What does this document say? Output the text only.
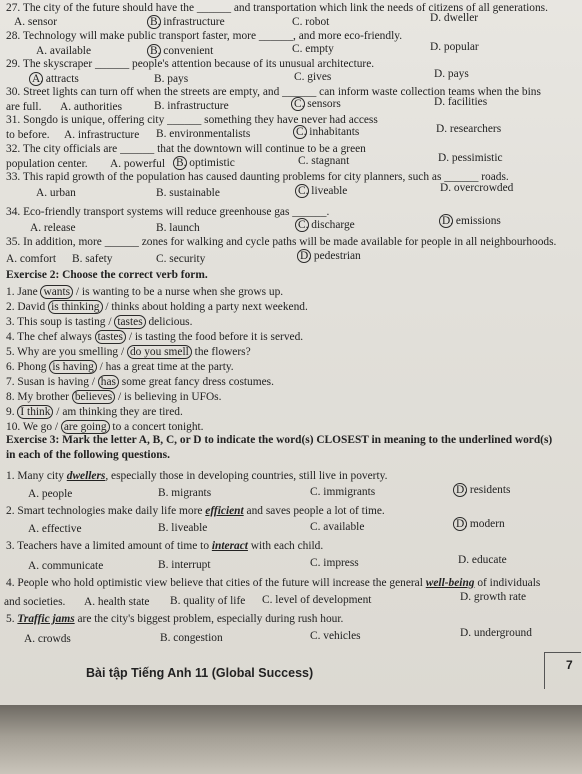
27. The city of the future should have the ______ and transportation which link the needs of citizens of all generations.
A. sensor	B. infrastructure	C. robot	D. dweller
28. Technology will make public transport faster, more ______, and more eco-friendly.
A. available	B. convenient	C. empty	D. popular
29. The skyscraper ______ people's attention because of its unusual architecture.
A. attracts	B. pays	C. gives	D. pays
30. Street lights can turn off when the streets are empty, and ______ can inform waste collection teams when the bins
are full. A. authorities	B. infrastructure	C. sensors	D. facilities
31. Songdo is unique, offering city ______ something they have never had access
to before. A. infrastructure B. environmentalists	C. inhabitants	D. researchers
32. The city officials are ______ that the downtown will continue to be a green
population center. A. powerful B. optimistic	C. stagnant	D. pessimistic
33. This rapid growth of the population has caused daunting problems for city planners, such as ______ roads.
A. urban	B. sustainable	C. liveable	D. overcrowded
34. Eco-friendly transport systems will reduce greenhouse gas ______.
A. release	B. launch	C. discharge	D. emissions
35. In addition, more ______ zones for walking and cycle paths will be made available for people in all neighbourhoods.
A. comfort B. safety	C. security	D. pedestrian
Exercise 2: Choose the correct verb form.
1. Jane wants / is wanting to be a nurse when she grows up.
2. David is thinking / thinks about holding a party next weekend.
3. This soup is tasting / tastes delicious.
4. The chef always tastes / is tasting the food before it is served.
5. Why are you smelling / do you smell the flowers?
6. Phong is having / has a great time at the party.
7. Susan is having / has some great fancy dress costumes.
8. My brother believes / is believing in UFOs.
9. I think / am thinking they are tired.
10. We go / are going to a concert tonight.
Exercise 3: Mark the letter A, B, C, or D to indicate the word(s) CLOSEST in meaning to the underlined word(s)
in each of the following questions.
1. Many city dwellers, especially those in developing countries, still live in poverty.
A. people	B. migrants	C. immigrants	D. residents
2. Smart technologies make daily life more efficient and saves people a lot of time.
A. effective	B. liveable	C. available	D. modern
3. Teachers have a limited amount of time to interact with each child.
A. communicate	B. interrupt	C. impress	D. educate
4. People who hold optimistic view believe that cities of the future will increase the general well-being of individuals
and societies. A. health state B. quality of life C. level of development	D. growth rate
5. Traffic jams are the city's biggest problem, especially during rush hour.
A. crowds	B. congestion	C. vehicles	D. underground
Bài tập Tiếng Anh 11 (Global Success)
7
